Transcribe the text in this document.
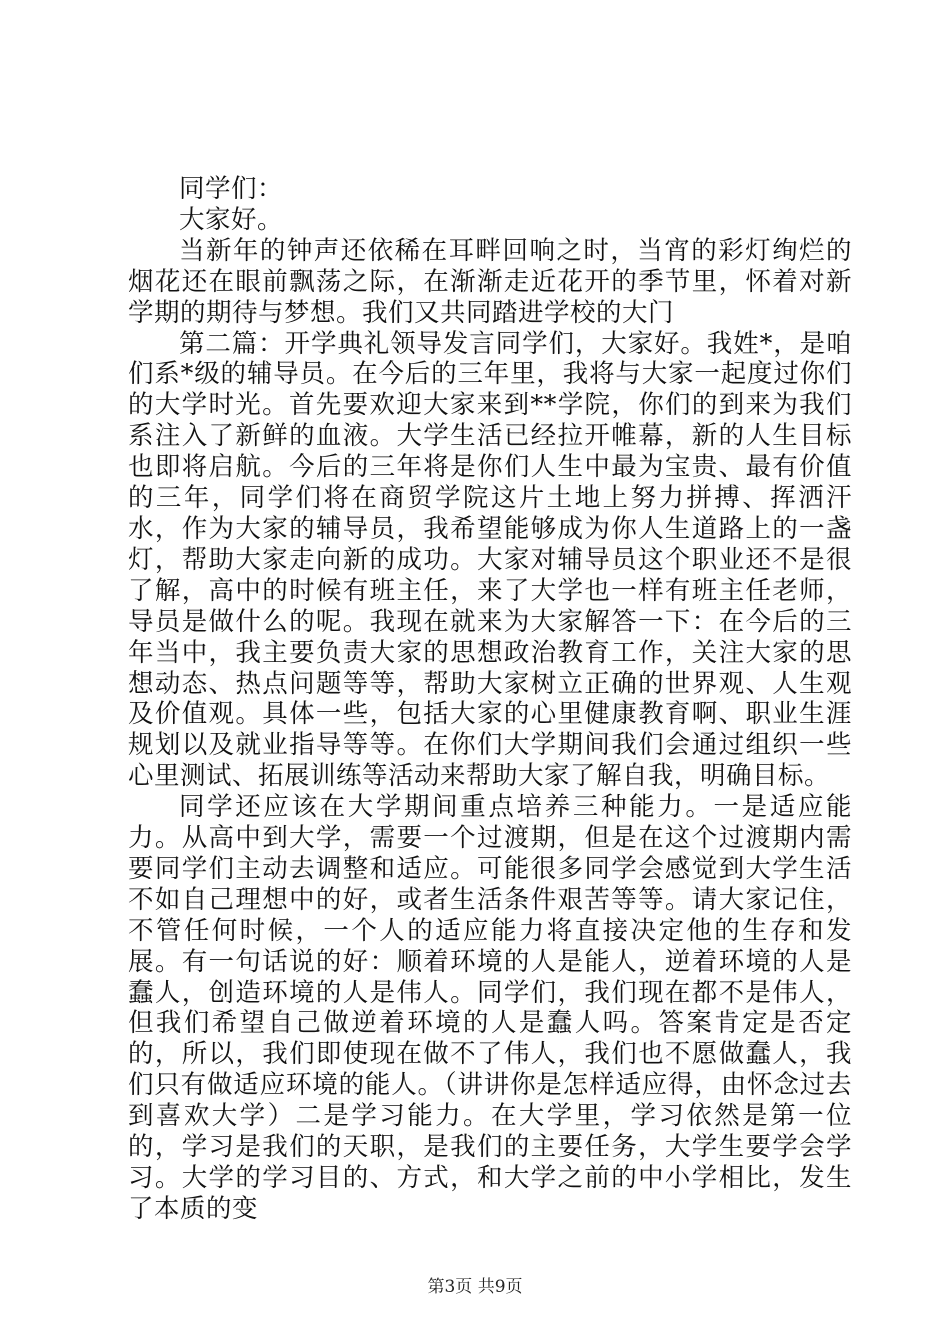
同学们：

大家好。

当新年的钟声还依稀在耳畔回响之时，当宵的彩灯绚烂的烟花还在眼前飘荡之际，在渐渐走近花开的季节里，怀着对新学期的期待与梦想。我们又共同踏进学校的大门

第二篇：开学典礼领导发言同学们，大家好。我姓*，是咱们系*级的辅导员。在今后的三年里，我将与大家一起度过你们的大学时光。首先要欢迎大家来到**学院，你们的到来为我们系注入了新鲜的血液。大学生活已经拉开帷幕，新的人生目标也即将启航。今后的三年将是你们人生中最为宝贵、最有价值的三年，同学们将在商贸学院这片土地上努力拼搏、挥洒汗水，作为大家的辅导员，我希望能够成为你人生道路上的一盏灯，帮助大家走向新的成功。大家对辅导员这个职业还不是很了解，高中的时候有班主任，来了大学也一样有班主任老师，导员是做什么的呢。我现在就来为大家解答一下：在今后的三年当中，我主要负责大家的思想政治教育工作，关注大家的思想动态、热点问题等等，帮助大家树立正确的世界观、人生观及价值观。具体一些，包括大家的心里健康教育啊、职业生涯规划以及就业指导等等。在你们大学期间我们会通过组织一些心里测试、拓展训练等活动来帮助大家了解自我，明确目标。

同学还应该在大学期间重点培养三种能力。一是适应能力。从高中到大学，需要一个过渡期，但是在这个过渡期内需要同学们主动去调整和适应。可能很多同学会感觉到大学生活不如自己理想中的好，或者生活条件艰苦等等。请大家记住，不管任何时候，一个人的适应能力将直接决定他的生存和发展。有一句话说的好：顺着环境的人是能人，逆着环境的人是蠢人，创造环境的人是伟人。同学们，我们现在都不是伟人，但我们希望自己做逆着环境的人是蠢人吗。答案肯定是否定的，所以，我们即使现在做不了伟人，我们也不愿做蠢人，我们只有做适应环境的能人。（讲讲你是怎样适应得，由怀念过去到喜欢大学）二是学习能力。在大学里，学习依然是第一位的，学习是我们的天职，是我们的主要任务，大学生要学会学习。大学的学习目的、方式，和大学之前的中小学相比，发生了本质的变

第3页 共9页
